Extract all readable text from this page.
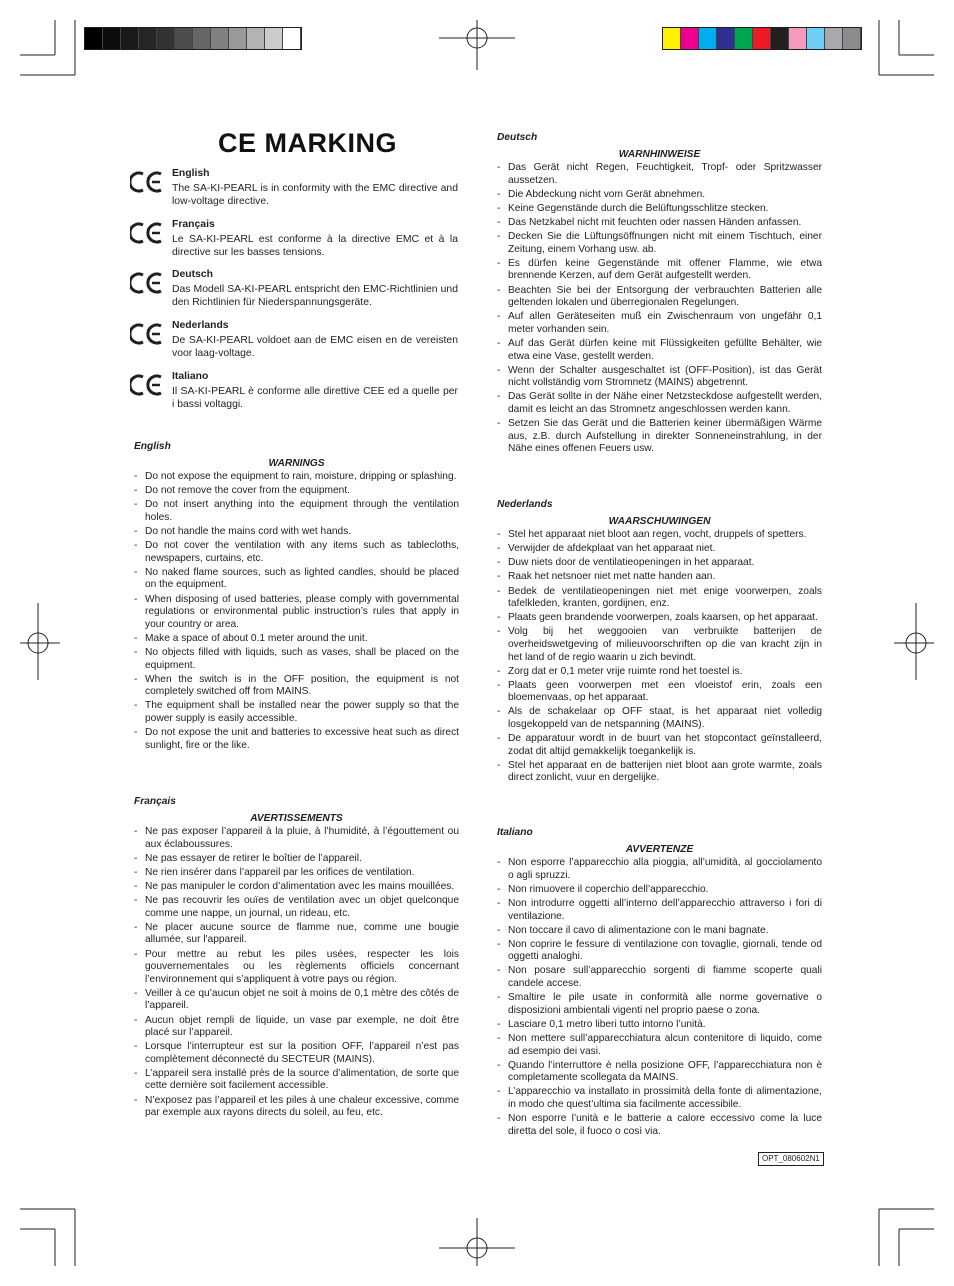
CE MARKING
English
The SA-KI-PEARL is in conformity with the EMC directive and low-voltage directive.
Français
Le SA-KI-PEARL est conforme à la directive EMC et à la directive sur les basses tensions.
Deutsch
Das Modell SA-KI-PEARL entspricht den EMC-Richtlinien und den Richtlinien für Niederspannungsgeräte.
Nederlands
De SA-KI-PEARL voldoet aan de EMC eisen en de vereisten voor laag-voltage.
Italiano
Il SA-KI-PEARL è conforme alle direttive CEE ed a quelle per i bassi voltaggi.
English
WARNINGS
- Do not expose the equipment to rain, moisture, dripping or splashing.
- Do not remove the cover from the equipment.
- Do not insert anything into the equipment through the ventilation holes.
- Do not handle the mains cord with wet hands.
- Do not cover the ventilation with any items such as tablecloths, newspapers, curtains, etc.
- No naked flame sources, such as lighted candles, should be placed on the equipment.
- When disposing of used batteries, please comply with governmental regulations or environmental public instruction’s rules that apply in your country or area.
- Make a space of about 0.1 meter around the unit.
- No objects filled with liquids, such as vases, shall be placed on the equipment.
- When the switch is in the OFF position, the equipment is not completely switched off from MAINS.
- The equipment shall be installed near the power supply so that the power supply is easily accessible.
- Do not expose the unit and batteries to excessive heat such as direct sunlight, fire or the like.
Français
AVERTISSEMENTS
- Ne pas exposer l’appareil à la pluie, à l’humidité, à l’égouttement ou aux éclaboussures.
- Ne pas essayer de retirer le boîtier de l’appareil.
- Ne rien insérer dans l’appareil par les orifices de ventilation.
- Ne pas manipuler le cordon d’alimentation avec les mains mouillées.
- Ne pas recouvrir les ouïes de ventilation avec un objet quelconque comme une nappe, un journal, un rideau, etc.
- Ne placer aucune source de flamme nue, comme une bougie allumée, sur l'appareil.
- Pour mettre au rebut les piles usées, respecter les lois gouvernementales ou les règlements officiels concernant l’environnement qui s’appliquent à votre pays ou région.
- Veiller à ce qu’aucun objet ne soit à moins de 0,1 mètre des côtés de l’appareil.
- Aucun objet rempli de liquide, un vase par exemple, ne doit être placé sur l’appareil.
- Lorsque l’interrupteur est sur la position OFF, l’appareil n’est pas complètement déconnecté du SECTEUR (MAINS).
- L’appareil sera installé près de la source d’alimentation, de sorte que cette dernière soit facilement accessible.
- N’exposez pas l’appareil et les piles à une chaleur excessive, comme par exemple aux rayons directs du soleil, au feu, etc.
Deutsch
WARNHINWEISE
- Das Gerät nicht Regen, Feuchtigkeit, Tropf- oder Spritzwasser aussetzen.
- Die Abdeckung nicht vom Gerät abnehmen.
- Keine Gegenstände durch die Belüftungsschlitze stecken.
- Das Netzkabel nicht mit feuchten oder nassen Händen anfassen.
- Decken Sie die Lüftungsöffnungen nicht mit einem Tischtuch, einer Zeitung, einem Vorhang usw. ab.
- Es dürfen keine Gegenstände mit offener Flamme, wie etwa brennende Kerzen, auf dem Gerät aufgestellt werden.
- Beachten Sie bei der Entsorgung der verbrauchten Batterien alle geltenden lokalen und überregionalen Regelungen.
- Auf allen Geräteseiten muß ein Zwischenraum von ungefähr 0,1 meter vorhanden sein.
- Auf das Gerät dürfen keine mit Flüssigkeiten gefüllte Behälter, wie etwa eine Vase, gestellt werden.
- Wenn der Schalter ausgeschaltet ist (OFF-Position), ist das Gerät nicht vollständig vom Stromnetz (MAINS) abgetrennt.
- Das Gerät sollte in der Nähe einer Netzsteckdose aufgestellt werden, damit es leicht an das Stromnetz angeschlossen werden kann.
- Setzen Sie das Gerät und die Batterien keiner übermäßigen Wärme aus, z.B. durch Aufstellung in direkter Sonneneinstrahlung, in der Nähe eines offenen Feuers usw.
Nederlands
WAARSCHUWINGEN
- Stel het apparaat niet bloot aan regen, vocht, druppels of spetters.
- Verwijder de afdekplaat van het apparaat niet.
- Duw niets door de ventilatieopeningen in het apparaat.
- Raak het netsnoer niet met natte handen aan.
- Bedek de ventilatieopeningen niet met enige voorwerpen, zoals tafelkleden, kranten, gordijnen, enz.
- Plaats geen brandende voorwerpen, zoals kaarsen, op het apparaat.
- Volg bij het weggooien van verbruikte batterijen de overheidswetgeving of milieuvoorschriften op die van kracht zijn in het land of de regio waarin u zich bevindt.
- Zorg dat er 0,1 meter vrije ruimte rond het toestel is.
- Plaats geen voorwerpen met een vloeistof erin, zoals een bloemenvaas, op het apparaat.
- Als de schakelaar op OFF staat, is het apparaat niet volledig losgekoppeld van de netspanning (MAINS).
- De apparatuur wordt in de buurt van het stopcontact geïnstalleerd, zodat dit altijd gemakkelijk toegankelijk is.
- Stel het apparaat en de batterijen niet bloot aan grote warmte, zoals direct zonlicht, vuur en dergelijke.
Italiano
AVVERTENZE
- Non esporre l’apparecchio alla pioggia, all’umidità, al gocciolamento o agli spruzzi.
- Non rimuovere il coperchio dell’apparecchio.
- Non introdurre oggetti all’interno dell’apparecchio attraverso i fori di ventilazione.
- Non toccare il cavo di alimentazione con le mani bagnate.
- Non coprire le fessure di ventilazione con tovaglie, giornali, tende od oggetti analoghi.
- Non posare sull’apparecchio sorgenti di fiamme scoperte quali candele accese.
- Smaltire le pile usate in conformità alle norme governative o disposizioni ambientali vigenti nel proprio paese o zona.
- Lasciare 0,1 metro liberi tutto intorno l’unità.
- Non mettere sull’apparecchiatura alcun contenitore di liquido, come ad esempio dei vasi.
- Quando l’interruttore è nella posizione OFF, l’apparecchiatura non è completamente scollegata da MAINS.
- L’apparecchio va installato in prossimità della fonte di alimentazione, in modo che quest’ultima sia facilmente accessibile.
- Non esporre l’unità e le batterie a calore eccessivo come la luce diretta del sole, il fuoco o così via.
OPT_080602N1
